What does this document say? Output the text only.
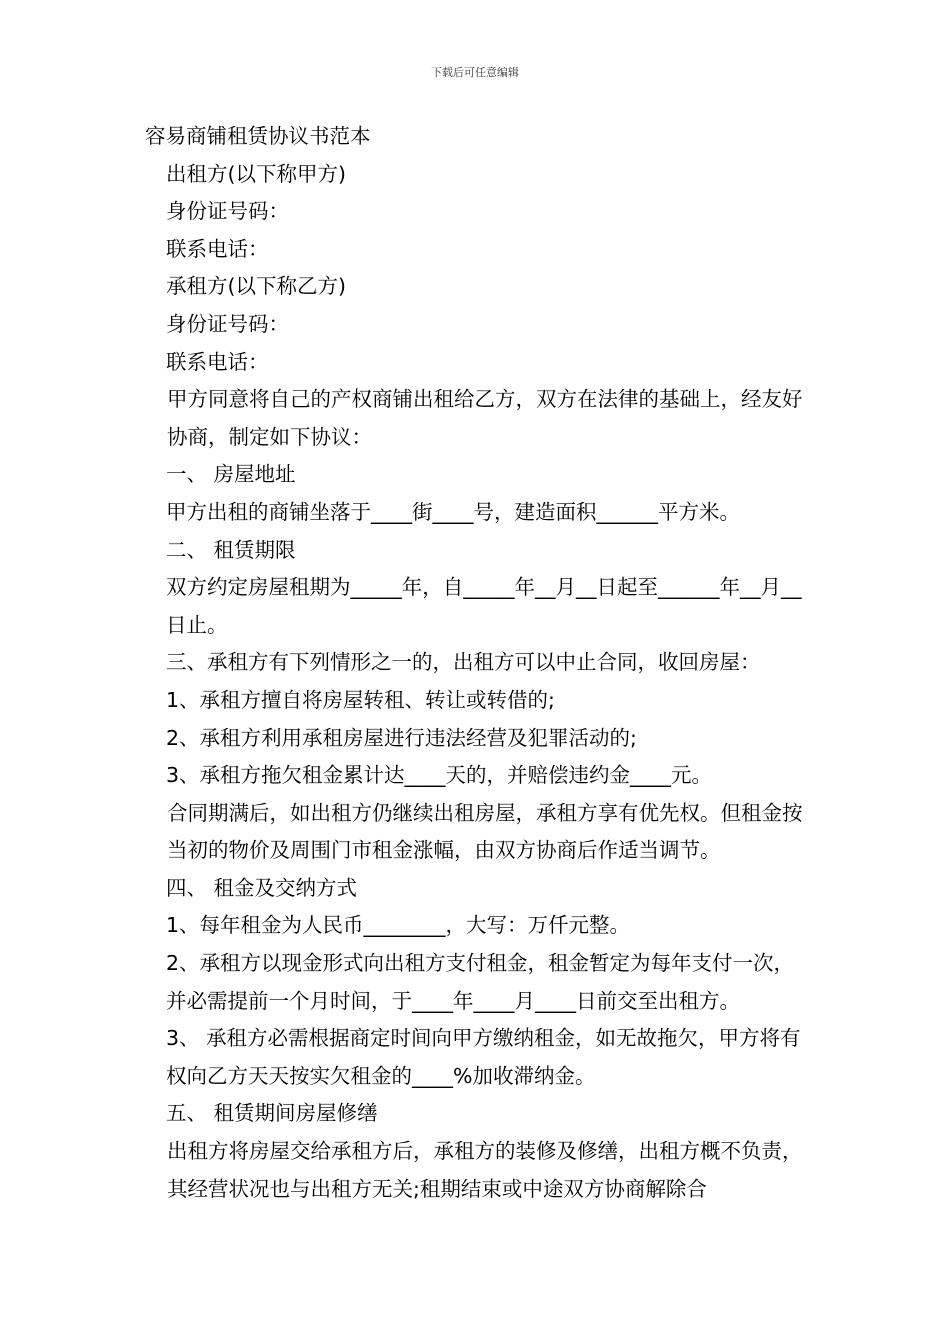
下载后可任意编辑

容易商铺租赁协议书范本

出租方(以下称甲方)

身份证号码：

联系电话：

承租方(以下称乙方)

身份证号码：

联系电话：

甲方同意将自己的产权商铺出租给乙方，双方在法律的基础上，经友好协商，制定如下协议：

一、 房屋地址

甲方出租的商铺坐落于____街____号，建造面积______平方米。

二、 租赁期限

双方约定房屋租期为_____年，自_____年__月__日起至______年__月__日止。

三、承租方有下列情形之一的，出租方可以中止合同，收回房屋：

1、承租方擅自将房屋转租、转让或转借的;

2、承租方利用承租房屋进行违法经营及犯罪活动的;

3、承租方拖欠租金累计达____天的，并赔偿违约金____元。

合同期满后，如出租方仍继续出租房屋，承租方享有优先权。但租金按当初的物价及周围门市租金涨幅，由双方协商后作适当调节。

四、 租金及交纳方式

1、每年租金为人民币________，大写：万仟元整。

2、承租方以现金形式向出租方支付租金，租金暂定为每年支付一次，并必需提前一个月时间，于____年____月____日前交至出租方。

3、 承租方必需根据商定时间向甲方缴纳租金，如无故拖欠，甲方将有权向乙方天天按实欠租金的____%加收滞纳金。

五、 租赁期间房屋修缮

出租方将房屋交给承租方后，承租方的装修及修缮，出租方概不负责，其经营状况也与出租方无关;租期结束或中途双方协商解除合
